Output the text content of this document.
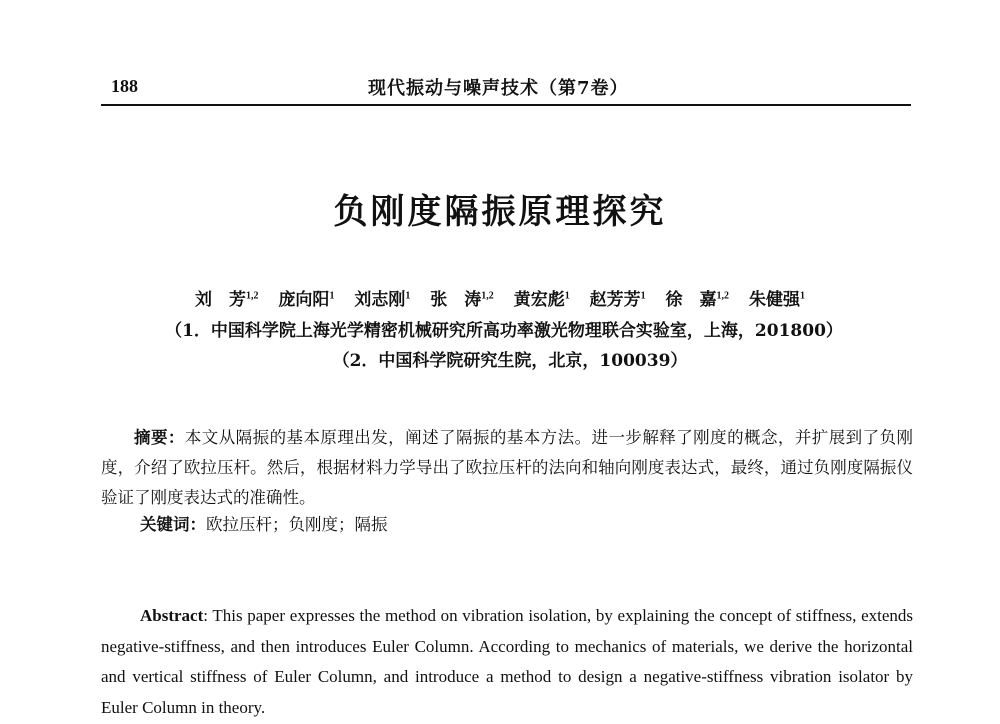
188	现代振动与噪声技术（第7卷）
负刚度隔振原理探究
刘　芳$^{1,2}$ 庞向阳$^1$ 刘志刚$^1$ 张　涛$^{1,2}$ 黄宏彪$^1$ 赵芳芳$^1$ 徐　嘉$^{1,2}$ 朱健强$^1$
（1．中国科学院上海光学精密机械研究所高功率激光物理联合实验室，上海，201800）
（2．中国科学院研究生院，北京，100039）
摘要：本文从隔振的基本原理出发，阐述了隔振的基本方法。进一步解释了刚度的概念，并扩展到了负刚度，介绍了欧拉压杆。然后，根据材料力学导出了欧拉压杆的法向和轴向刚度表达式，最终，通过负刚度隔振仪验证了刚度表达式的准确性。
关键词：欧拉压杆；负刚度；隔振
Abstract: This paper expresses the method on vibration isolation, by explaining the concept of stiffness, extends negative-stiffness, and then introduces Euler Column. According to mechanics of materials, we derive the horizontal and vertical stiffness of Euler Column, and introduce a method to design a negative-stiffness vibration isolator by Euler Column in theory.
